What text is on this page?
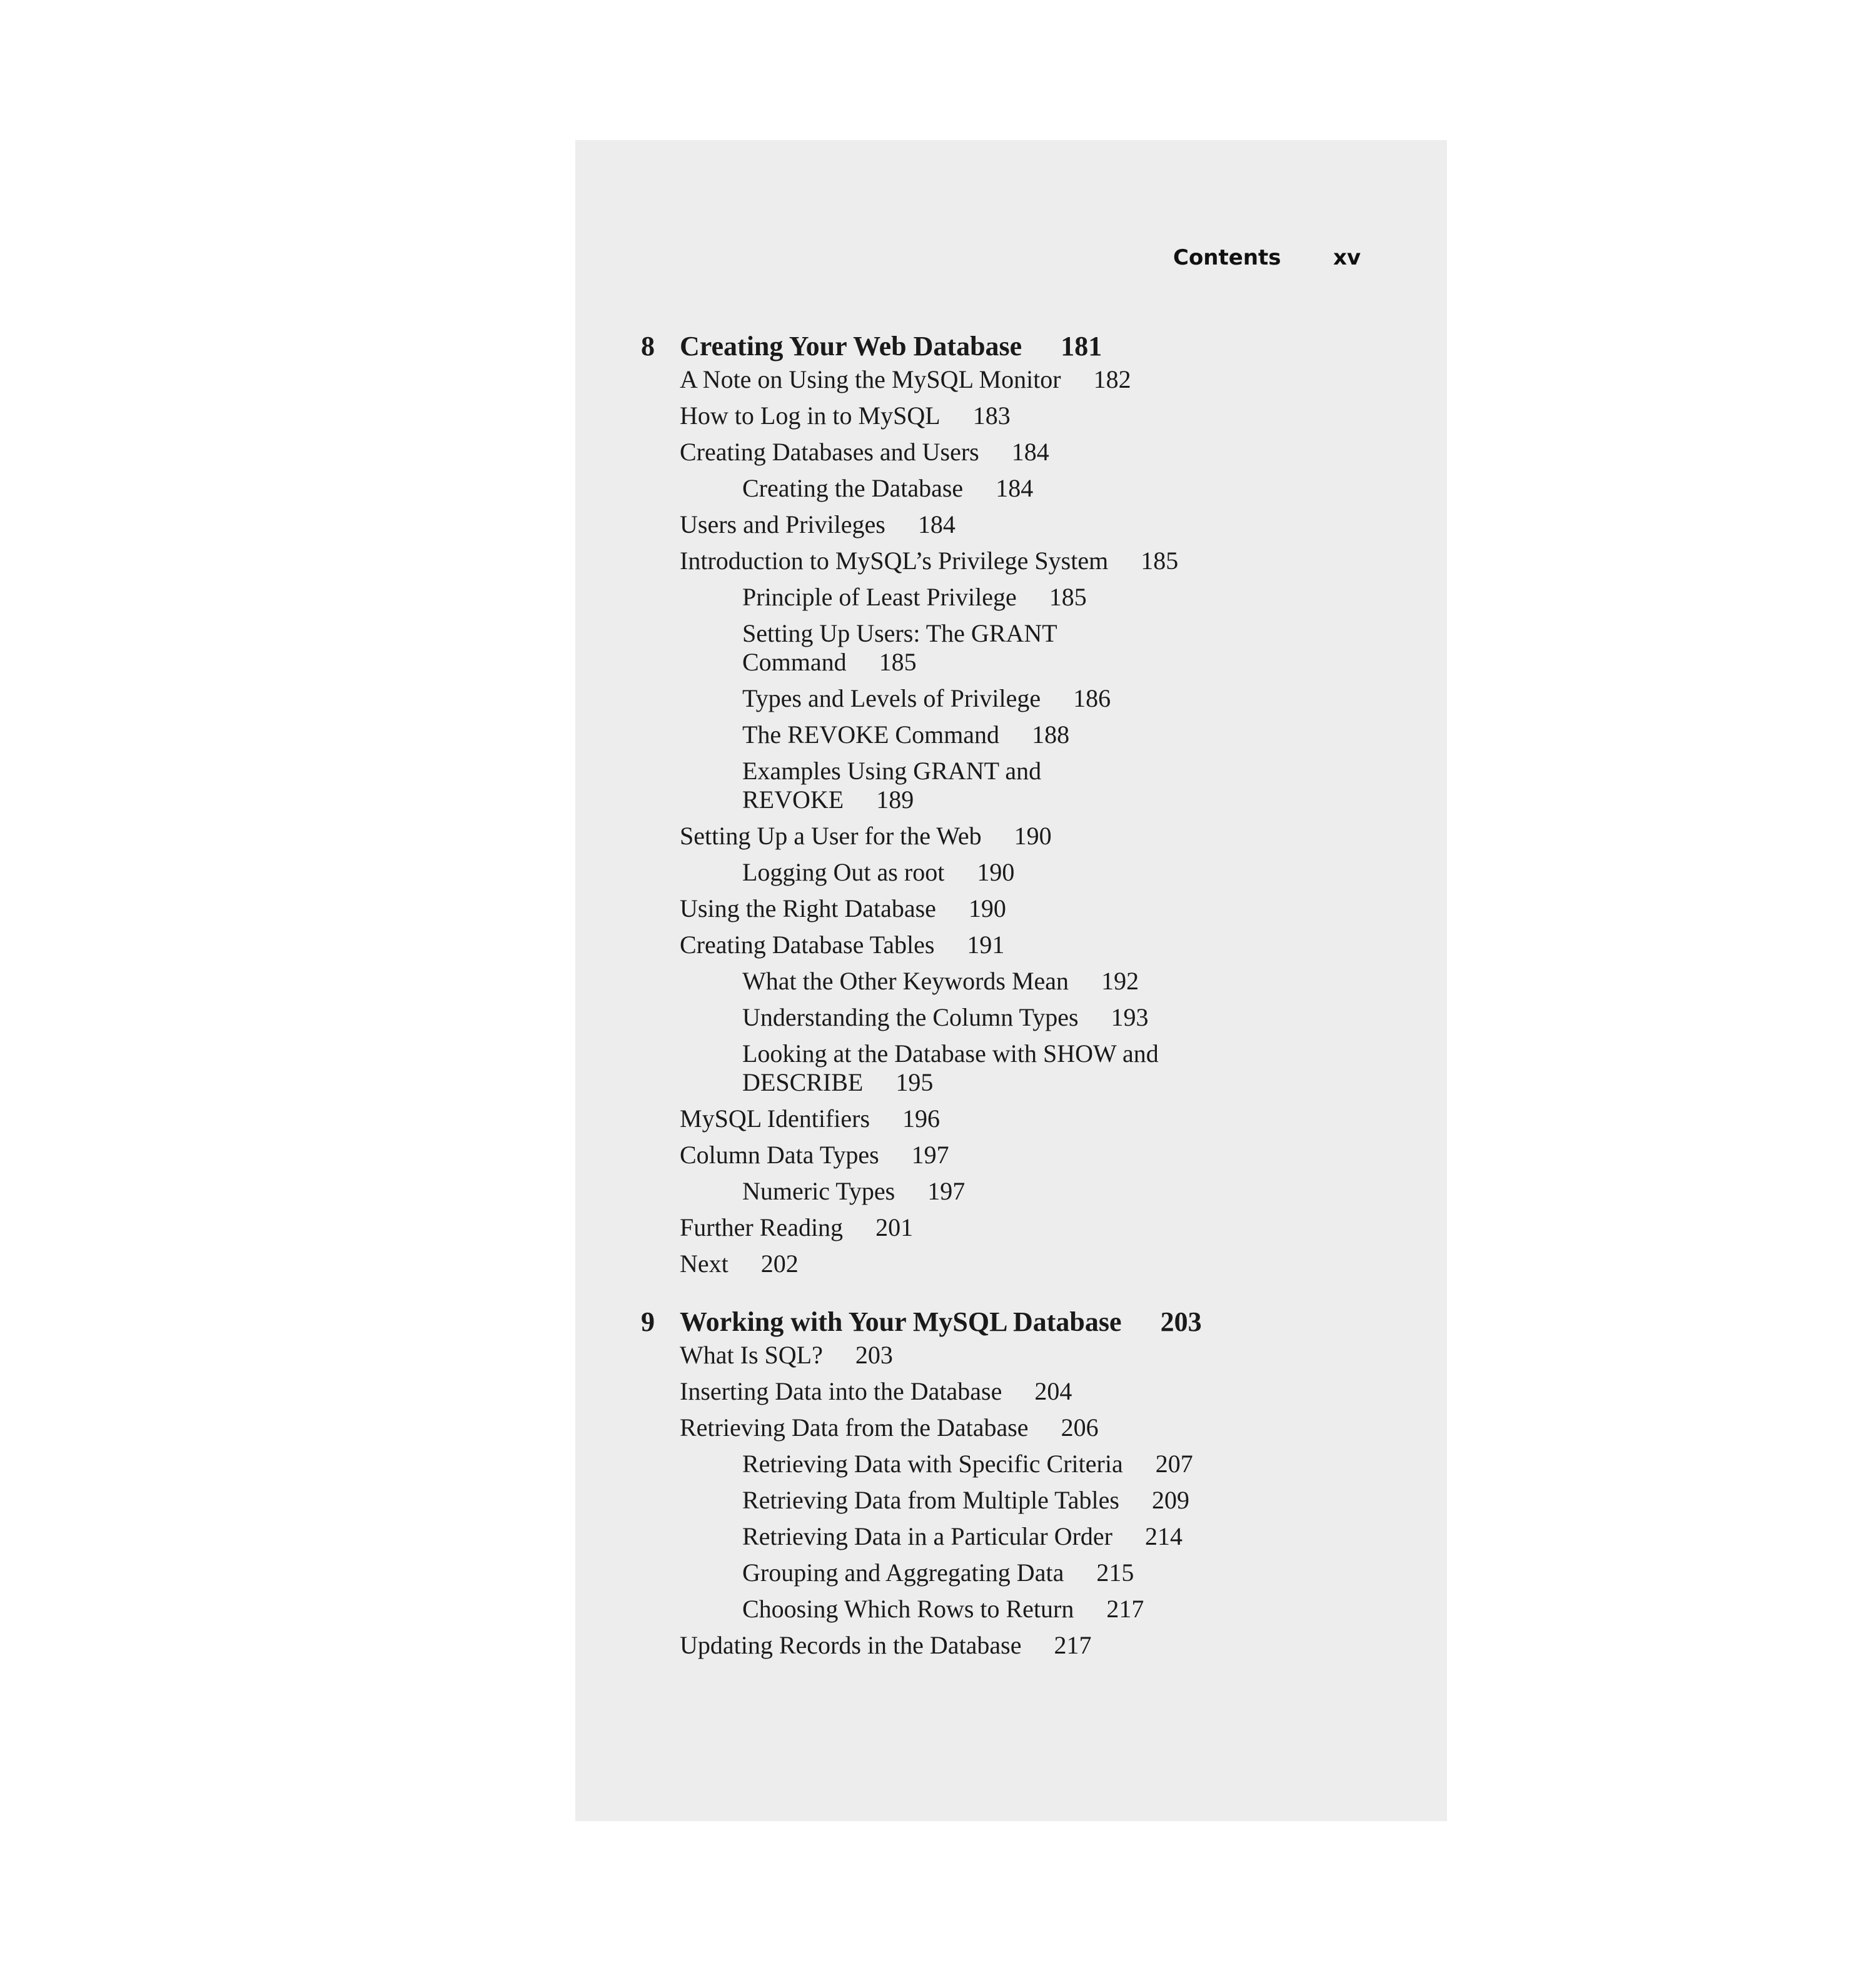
Contents xv
8 Creating Your Web Database 181
A Note on Using the MySQL Monitor 182
How to Log in to MySQL 183
Creating Databases and Users 184
Creating the Database 184
Users and Privileges 184
Introduction to MySQL’s Privilege System 185
Principle of Least Privilege 185
Setting Up Users: The GRANT Command 185
Types and Levels of Privilege 186
The REVOKE Command 188
Examples Using GRANT and REVOKE 189
Setting Up a User for the Web 190
Logging Out as root 190
Using the Right Database 190
Creating Database Tables 191
What the Other Keywords Mean 192
Understanding the Column Types 193
Looking at the Database with SHOW and DESCRIBE 195
MySQL Identifiers 196
Column Data Types 197
Numeric Types 197
Further Reading 201
Next 202
9 Working with Your MySQL Database 203
What Is SQL? 203
Inserting Data into the Database 204
Retrieving Data from the Database 206
Retrieving Data with Specific Criteria 207
Retrieving Data from Multiple Tables 209
Retrieving Data in a Particular Order 214
Grouping and Aggregating Data 215
Choosing Which Rows to Return 217
Updating Records in the Database 217
